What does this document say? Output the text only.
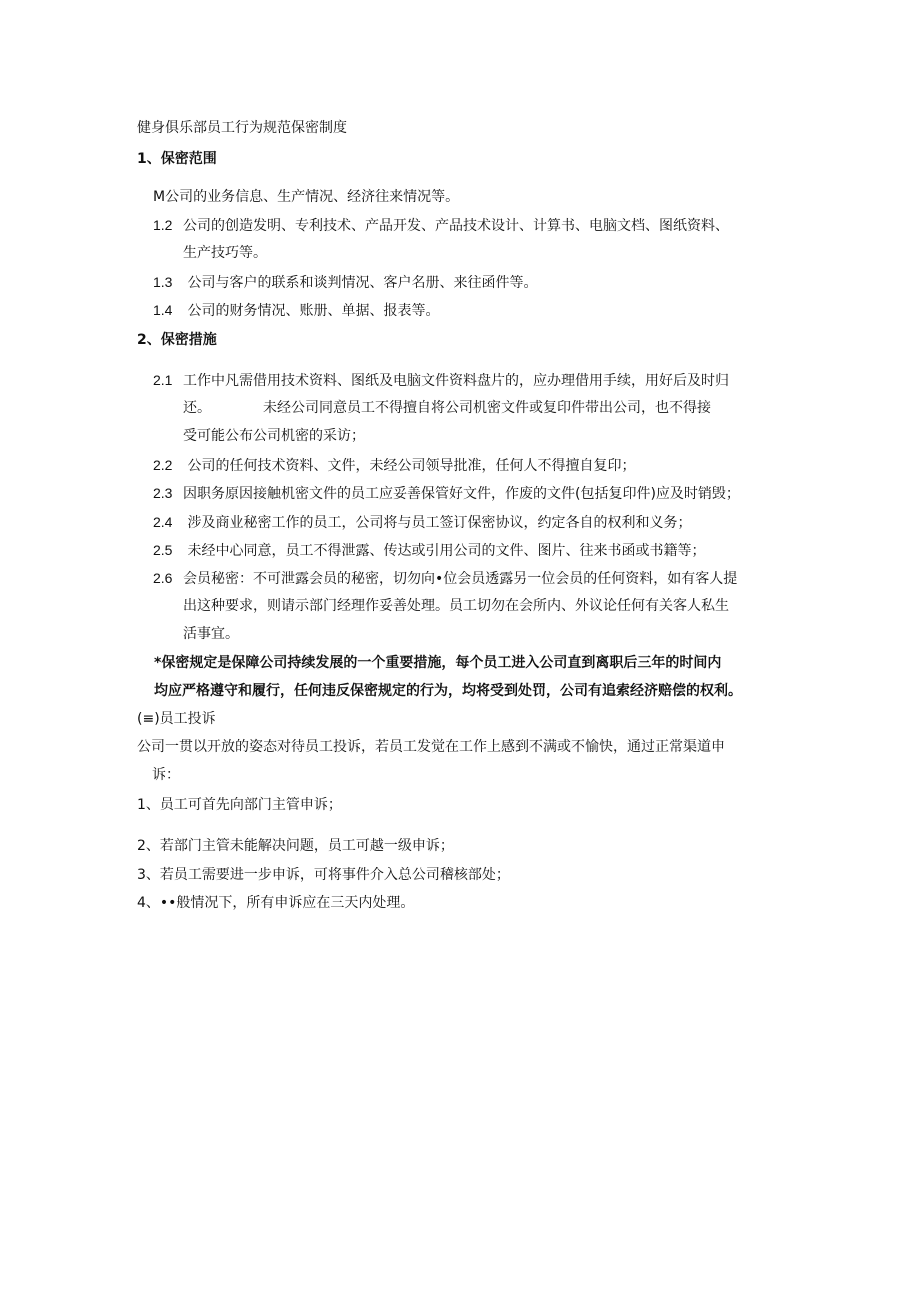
健身俱乐部员工行为规范保密制度
1、保密范围
M公司的业务信息、生产情况、经济往来情况等。
1.2 公司的创造发明、专利技术、产品开发、产品技术设计、计算书、电脑文档、图纸资料、
生产技巧等。
1.3 公司与客户的联系和谈判情况、客户名册、来往函件等。
1.4 公司的财务情况、账册、单据、报表等。
2、保密措施
2.1 工作中凡需借用技术资料、图纸及电脑文件资料盘片的，应办理借用手续，用好后及时归
还。	未经公司同意员工不得擅自将公司机密文件或复印件带出公司，也不得接
受可能公布公司机密的采访；
2.2 公司的任何技术资料、文件，未经公司领导批准，任何人不得擅自复印；
2.3 因职务原因接触机密文件的员工应妥善保管好文件，作废的文件(包括复印件)应及时销毁；
2.4 涉及商业秘密工作的员工，公司将与员工签订保密协议，约定各自的权利和义务；
2.5 未经中心同意，员工不得泄露、传达或引用公司的文件、图片、往来书函或书籍等；
2.6 会员秘密：不可泄露会员的秘密，切勿向•位会员透露另一位会员的任何资料，如有客人提
出这种要求，则请示部门经理作妥善处理。员工切勿在会所内、外议论任何有关客人私生
活事宜。
*保密规定是保障公司持续发展的一个重要措施，每个员工进入公司直到离职后三年的时间内
均应严格遵守和履行，任何违反保密规定的行为，均将受到处罚，公司有追索经济赔偿的权利。
(≡)员工投诉
公司一贯以开放的姿态对待员工投诉，若员工发觉在工作上感到不满或不愉快，通过正常渠道申
诉：
1、员工可首先向部门主管申诉；
2、若部门主管未能解决问题，员工可越一级申诉；
3、若员工需要进一步申诉，可将事件介入总公司稽核部处；
4、••般情况下，所有申诉应在三天内处理。
